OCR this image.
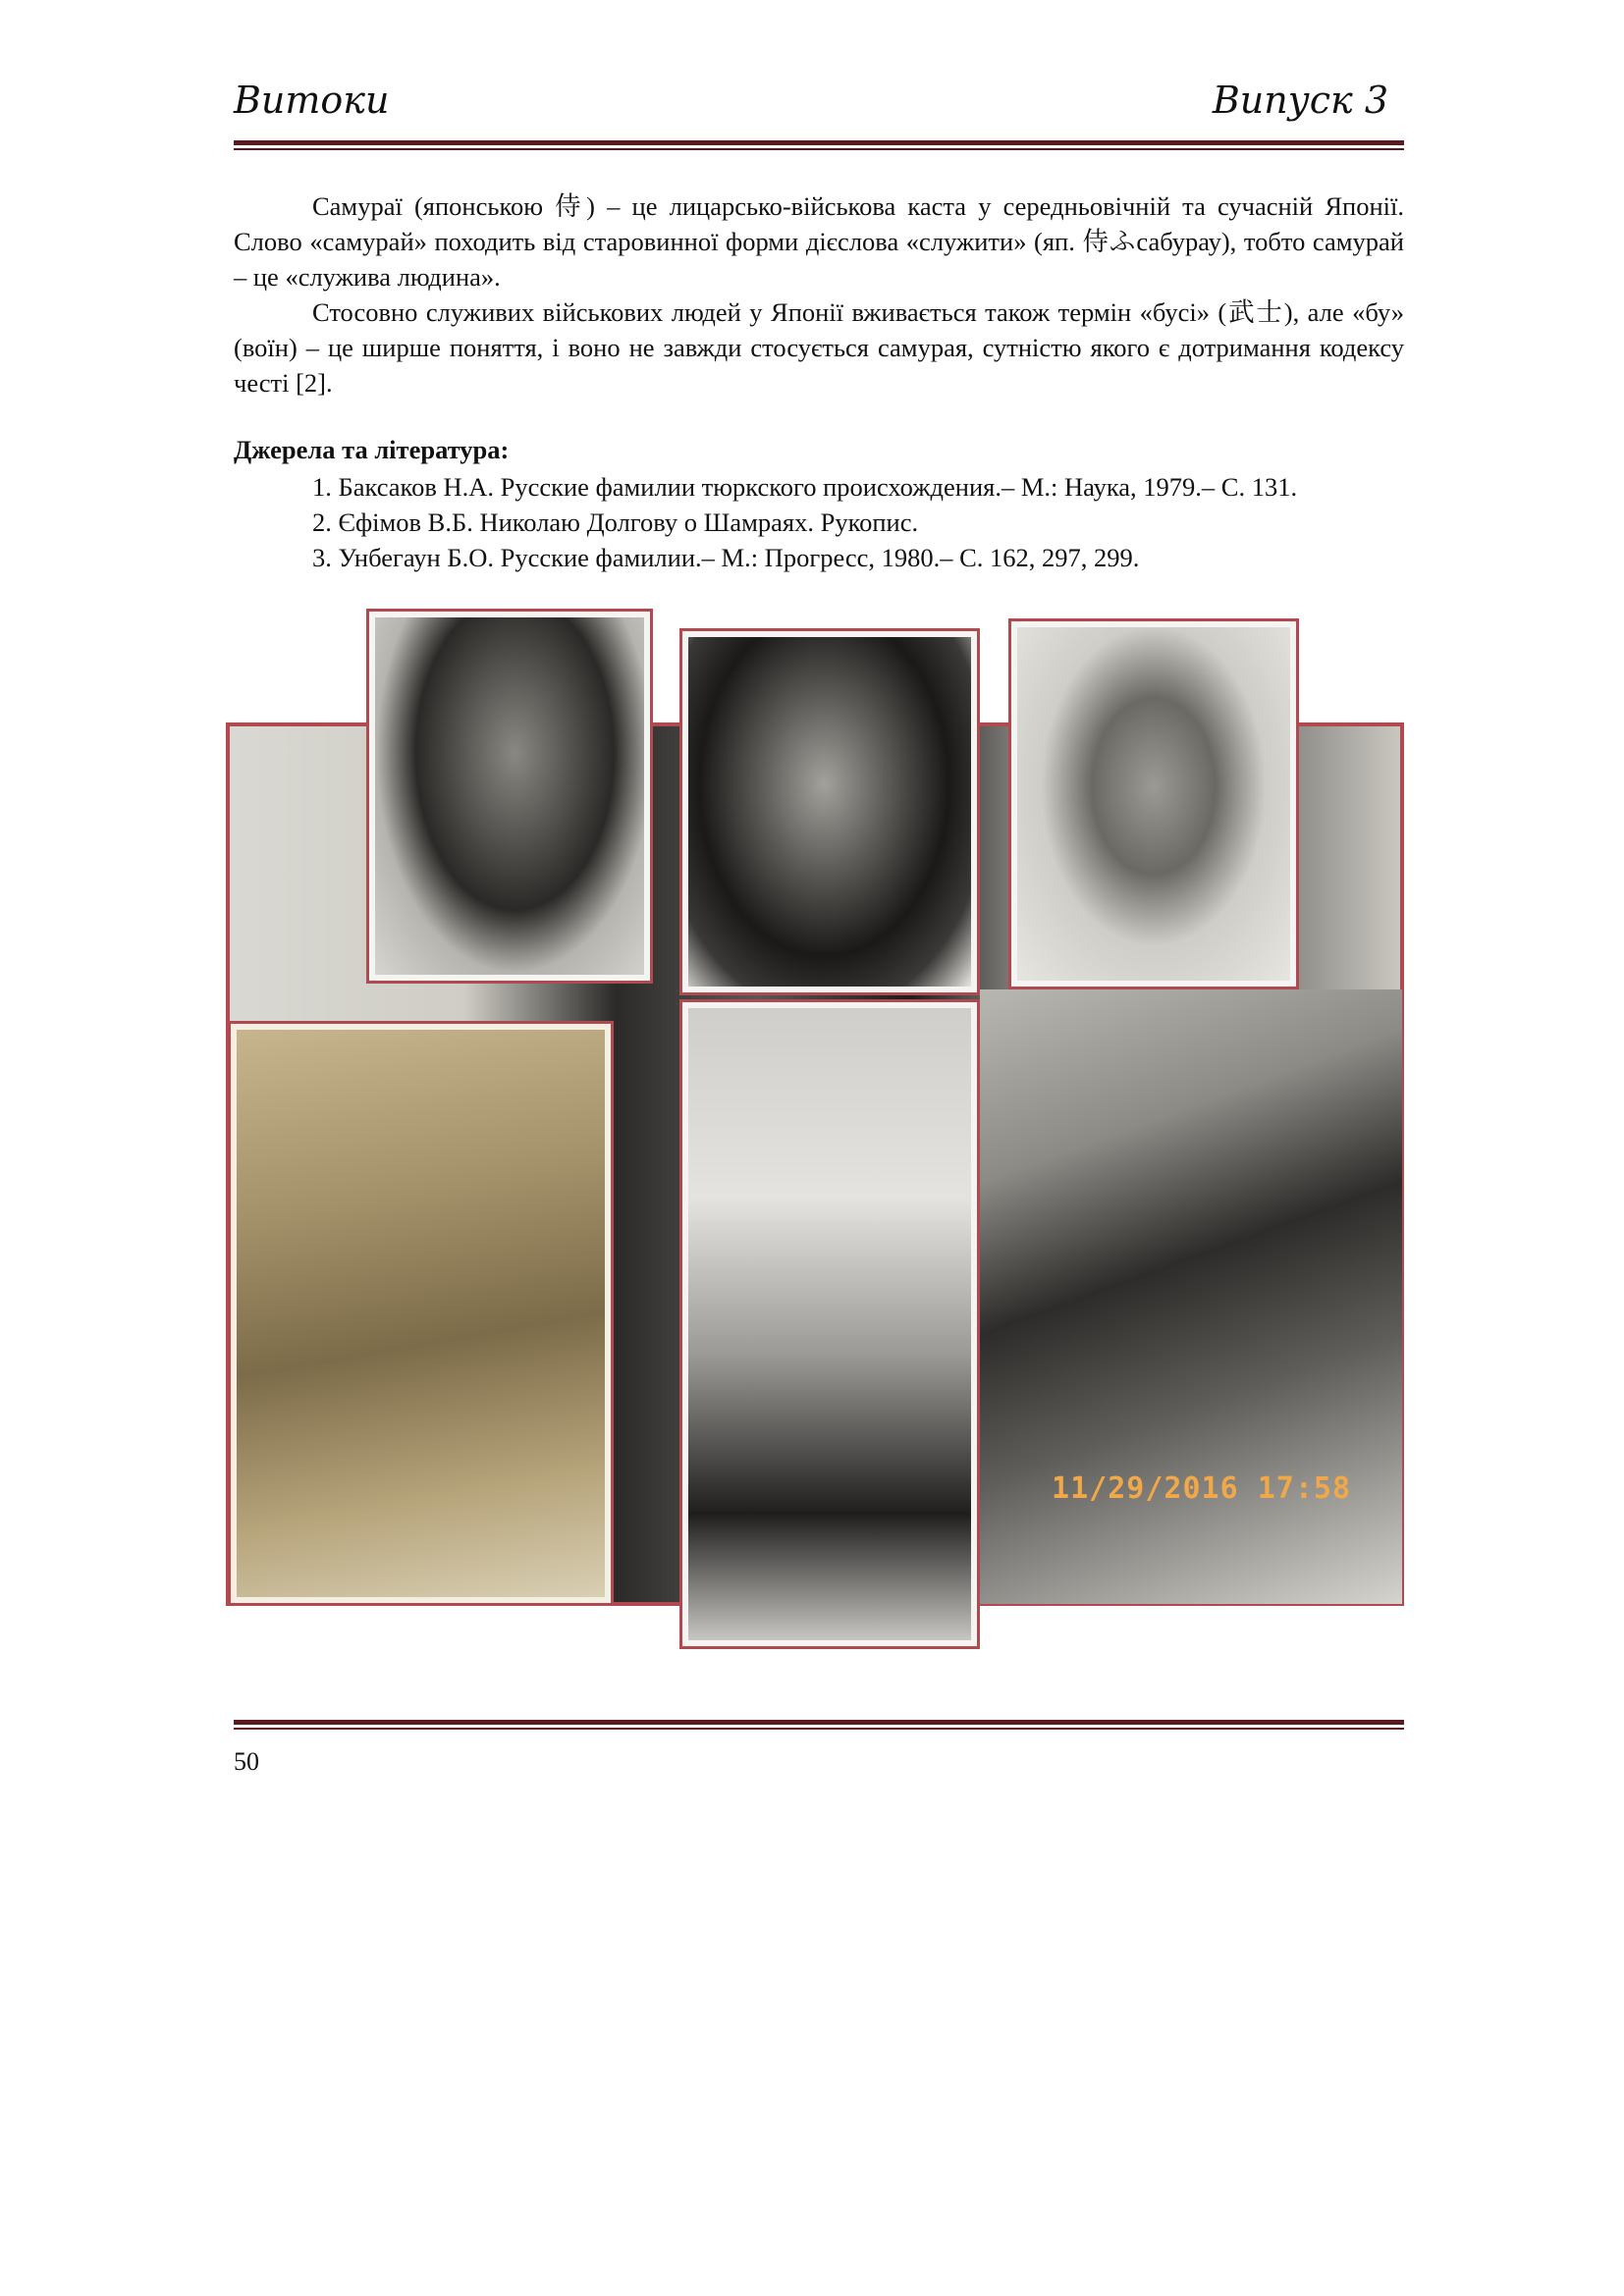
Витоки	Випуск 3

Самураї (японською 侍) – це лицарсько-військова каста у середньовічній та сучасній Японії. Слово «самурай» походить від старовинної форми дієслова «служити» (яп. 侍ふсабурау), тобто самурай – це «служива людина».

Стосовно служивих військових людей у Японії вживається також термін «бусі» (武士), але «бу» (воїн) – це ширше поняття, і воно не завжди стосується самурая, сутністю якого є дотримання кодексу честі [2].

Джерела та література:
1. Баксаков Н.А. Русские фамилии тюркского происхождения.– М.: Наука, 1979.– С. 131.
2. Єфімов В.Б. Николаю Долгову о Шамраях. Рукопис.
3. Унбегаун Б.О. Русские фамилии.– М.: Прогресс, 1980.– С. 162, 297, 299.
11/29/2016 17:58
50
